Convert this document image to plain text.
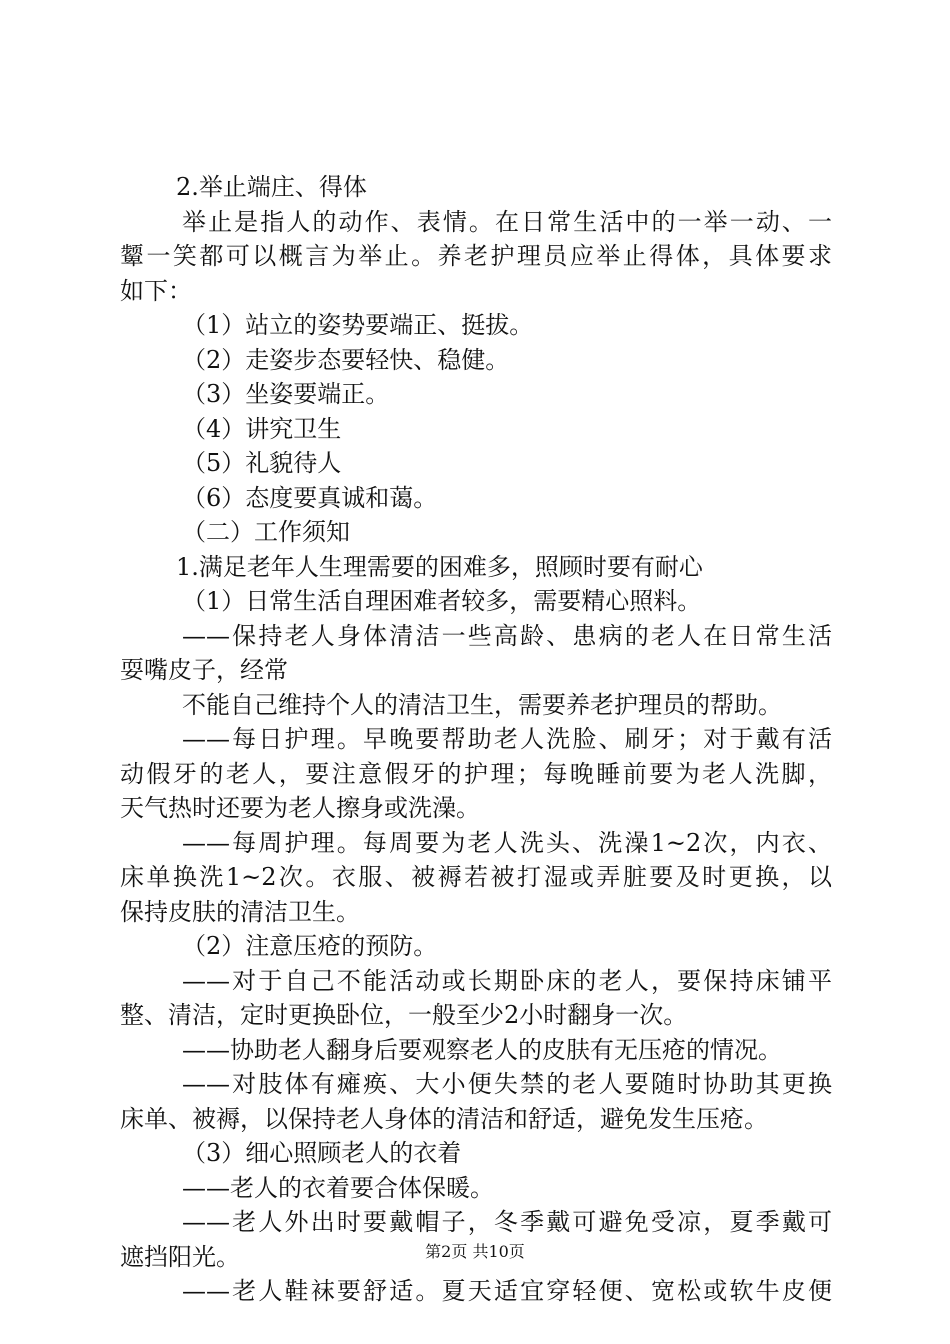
2.举止端庄、得体
举止是指人的动作、表情。在日常生活中的一举一动、一
颦一笑都可以概言为举止。养老护理员应举止得体，具体要求
如下：
（1）站立的姿势要端正、挺拔。
（2）走姿步态要轻快、稳健。
（3）坐姿要端正。
（4）讲究卫生
（5）礼貌待人
（6）态度要真诚和蔼。
（二）工作须知
1.满足老年人生理需要的困难多，照顾时要有耐心
（1）日常生活自理困难者较多，需要精心照料。
——保持老人身体清洁一些高龄、患病的老人在日常生活
耍嘴皮子，经常
不能自己维持个人的清洁卫生，需要养老护理员的帮助。
——每日护理。早晚要帮助老人洗脸、刷牙；对于戴有活
动假牙的老人，要注意假牙的护理；每晚睡前要为老人洗脚，
天气热时还要为老人擦身或洗澡。
——每周护理。每周要为老人洗头、洗澡1~2次，内衣、
床单换洗1~2次。衣服、被褥若被打湿或弄脏要及时更换，以
保持皮肤的清洁卫生。
（2）注意压疮的预防。
——对于自己不能活动或长期卧床的老人，要保持床铺平
整、清洁，定时更换卧位，一般至少2小时翻身一次。
——协助老人翻身后要观察老人的皮肤有无压疮的情况。
——对肢体有瘫痪、大小便失禁的老人要随时协助其更换
床单、被褥，以保持老人身体的清洁和舒适，避免发生压疮。
（3）细心照顾老人的衣着
——老人的衣着要合体保暖。
——老人外出时要戴帽子，冬季戴可避免受凉，夏季戴可
遮挡阳光。
——老人鞋袜要舒适。夏天适宜穿轻便、宽松或软牛皮便
第2页 共10页
